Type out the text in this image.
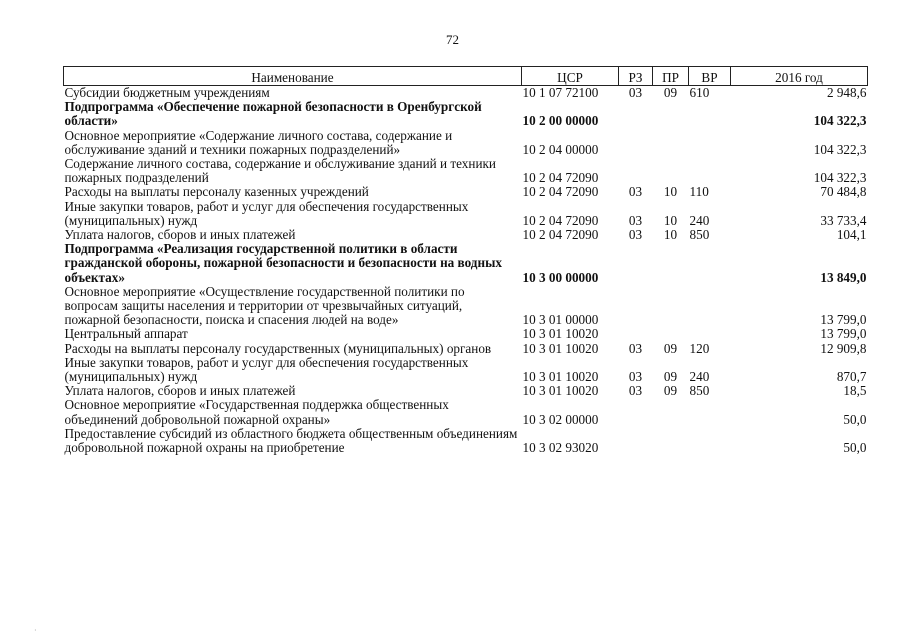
72
Наименование	ЦСР	РЗ	ПР	ВР	2016 год
Субсидии бюджетным учреждениям	10 1 07 72100	03	09	610	2 948,6
Подпрограмма «Обеспечение пожарной безопасности в Оренбургской области»	10 2 00 00000				104 322,3
Основное мероприятие «Содержание личного состава, содержание и обслуживание зданий и техники пожарных подразделений»	10 2 04 00000				104 322,3
Содержание личного состава, содержание и обслуживание зданий и техники пожарных подразделений	10 2 04 72090				104 322,3
Расходы на выплаты персоналу казенных учреждений	10 2 04 72090	03	10	110	70 484,8
Иные закупки товаров, работ и услуг для обеспечения государственных (муниципальных) нужд	10 2 04 72090	03	10	240	33 733,4
Уплата налогов, сборов и иных платежей	10 2 04 72090	03	10	850	104,1
Подпрограмма «Реализация государственной политики в области гражданской обороны, пожарной безопасности и безопасности на водных объектах»	10 3 00 00000				13 849,0
Основное мероприятие «Осуществление государственной политики по вопросам защиты населения и территории от чрезвычайных ситуаций, пожарной безопасности, поиска и спасения людей на воде»	10 3 01 00000				13 799,0
Центральный аппарат	10 3 01 10020				13 799,0
Расходы на выплаты персоналу государственных (муниципальных) органов	10 3 01 10020	03	09	120	12 909,8
Иные закупки товаров, работ и услуг для обеспечения государственных (муниципальных) нужд	10 3 01 10020	03	09	240	870,7
Уплата налогов, сборов и иных платежей	10 3 01 10020	03	09	850	18,5
Основное мероприятие «Государственная поддержка общественных объединений добровольной пожарной охраны»	10 3 02 00000				50,0
Предоставление субсидий из областного бюджета общественным объединениям добровольной пожарной охраны на приобретение	10 3 02 93020				50,0
·
